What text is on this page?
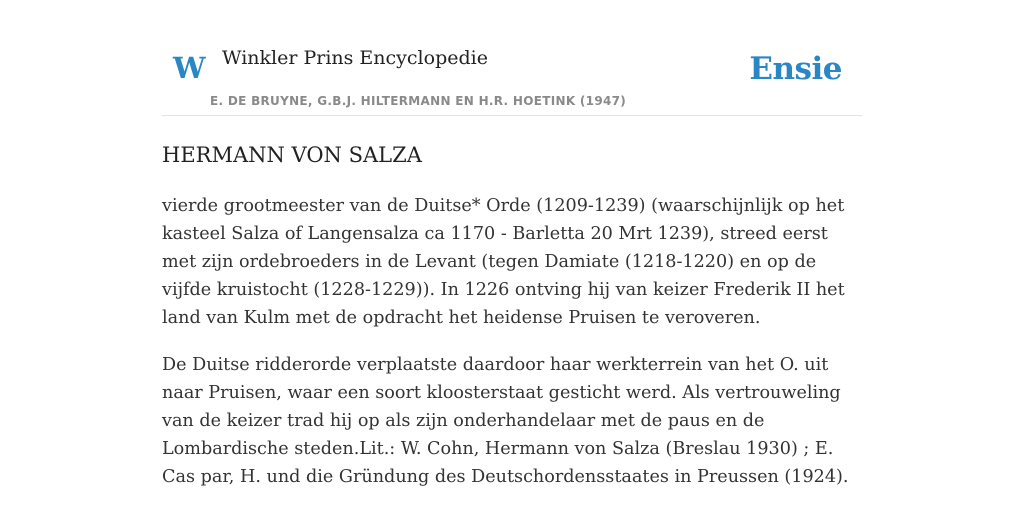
W Winkler Prins Encyclopedie
E. DE BRUYNE, G.B.J. HILTERMANN EN H.R. HOETINK (1947)
Ensie
HERMANN VON SALZA

vierde grootmeester van de Duitse* Orde (1209-1239) (waarschijnlijk op het kasteel Salza of Langensalza ca 1170 - Barletta 20 Mrt 1239), streed eerst met zijn ordebroeders in de Levant (tegen Damiate (1218-1220) en op de vijfde kruistocht (1228-1229)). In 1226 ontving hij van keizer Frederik II het land van Kulm met de opdracht het heidense Pruisen te veroveren.

De Duitse ridderorde verplaatste daardoor haar werkterrein van het O. uit naar Pruisen, waar een soort kloosterstaat gesticht werd. Als vertrouweling van de keizer trad hij op als zijn onderhandelaar met de paus en de Lombardische steden.Lit.: W. Cohn, Hermann von Salza (Breslau 1930) ; E. Cas par, H. und die Gründung des Deutschordensstaates in Preussen (1924).
